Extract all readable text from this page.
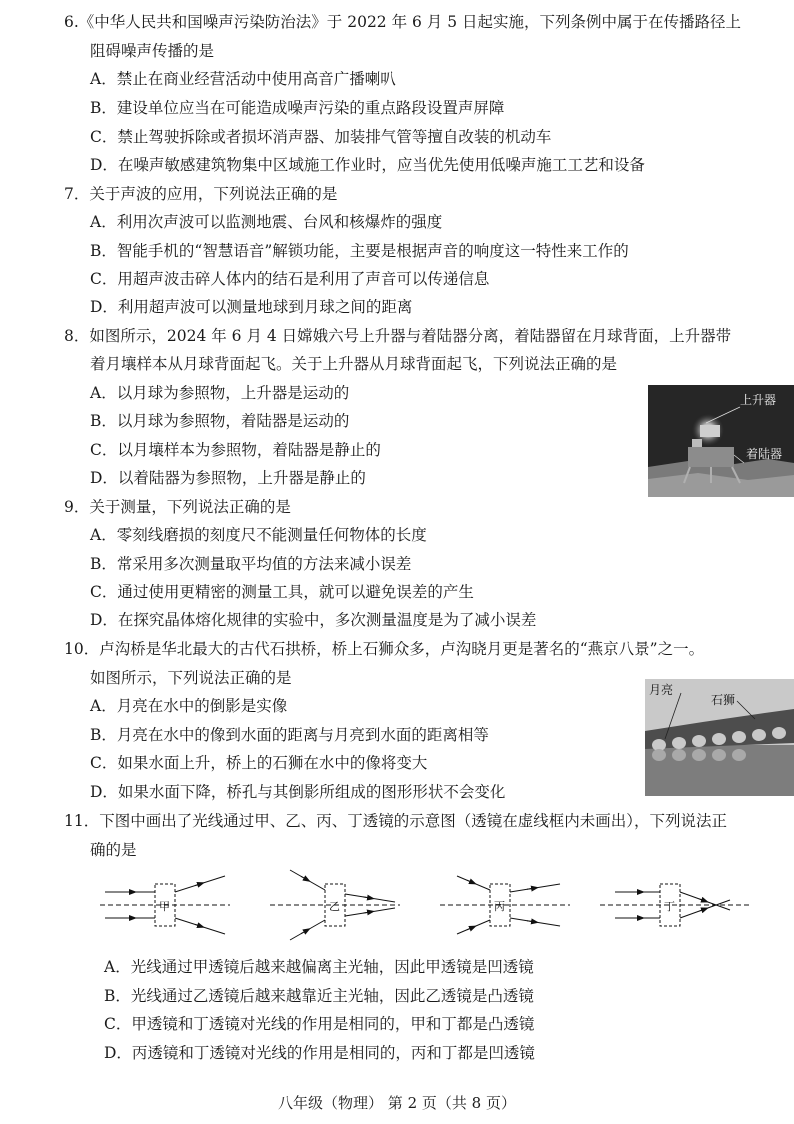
6.《中华人民共和国噪声污染防治法》于 2022 年 6 月 5 日起实施，下列条例中属于在传播路径上
阻碍噪声传播的是
A．禁止在商业经营活动中使用高音广播喇叭
B．建设单位应当在可能造成噪声污染的重点路段设置声屏障
C．禁止驾驶拆除或者损坏消声器、加装排气管等擅自改装的机动车
D．在噪声敏感建筑物集中区域施工作业时，应当优先使用低噪声施工工艺和设备
7．关于声波的应用，下列说法正确的是
A．利用次声波可以监测地震、台风和核爆炸的强度
B．智能手机的“智慧语音”解锁功能，主要是根据声音的响度这一特性来工作的
C．用超声波击碎人体内的结石是利用了声音可以传递信息
D．利用超声波可以测量地球到月球之间的距离
8．如图所示，2024 年 6 月 4 日嫦娥六号上升器与着陆器分离，着陆器留在月球背面，上升器带
着月壤样本从月球背面起飞。关于上升器从月球背面起飞，下列说法正确的是
A．以月球为参照物，上升器是运动的
B．以月球为参照物，着陆器是运动的
C．以月壤样本为参照物，着陆器是静止的
D．以着陆器为参照物，上升器是静止的
上升器
着陆器
9．关于测量，下列说法正确的是
A．零刻线磨损的刻度尺不能测量任何物体的长度
B．常采用多次测量取平均值的方法来减小误差
C．通过使用更精密的测量工具，就可以避免误差的产生
D．在探究晶体熔化规律的实验中，多次测量温度是为了减小误差
10．卢沟桥是华北最大的古代石拱桥，桥上石狮众多，卢沟晓月更是著名的“燕京八景”之一。
如图所示，下列说法正确的是
A．月亮在水中的倒影是实像
B．月亮在水中的像到水面的距离与月亮到水面的距离相等
C．如果水面上升，桥上的石狮在水中的像将变大
D．如果水面下降，桥孔与其倒影所组成的图形形状不会变化
月亮
石狮
11．下图中画出了光线通过甲、乙、丙、丁透镜的示意图（透镜在虚线框内未画出），下列说法正
确的是
甲	乙	丙	丁
A．光线通过甲透镜后越来越偏离主光轴，因此甲透镜是凹透镜
B．光线通过乙透镜后越来越靠近主光轴，因此乙透镜是凸透镜
C．甲透镜和丁透镜对光线的作用是相同的，甲和丁都是凸透镜
D．丙透镜和丁透镜对光线的作用是相同的，丙和丁都是凹透镜
八年级（物理） 第 2 页（共 8 页）
